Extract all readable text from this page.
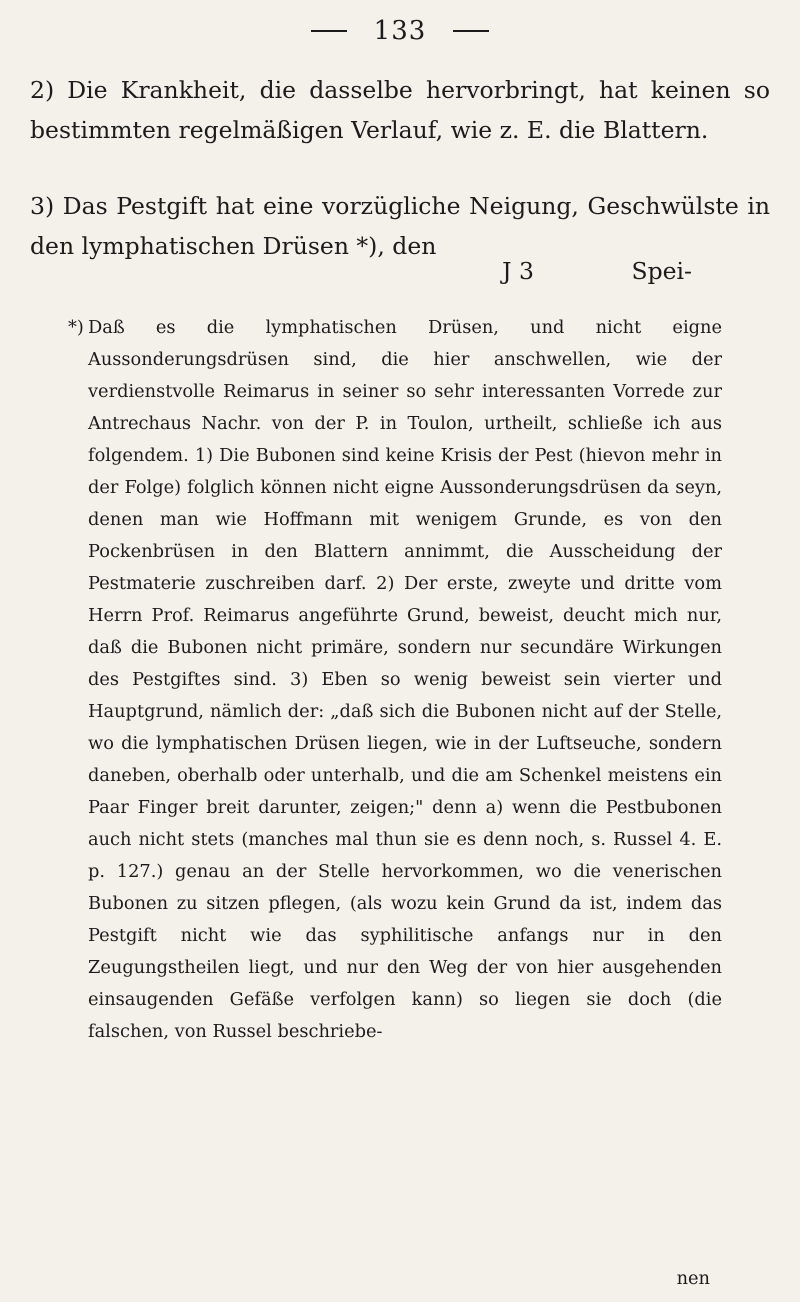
133

2) Die Krankheit, die dasselbe hervorbringt, hat keinen so bestimmten regelmäßigen Verlauf, wie z. E. die Blattern.

3) Das Pestgift hat eine vorzügliche Neigung, Geschwülste in den lymphatischen Drüsen *), den

J 3	Spei-

*) Daß es die lymphatischen Drüsen, und nicht eigne Aussonderungsdrüsen sind, die hier anschwellen, wie der verdienstvolle Reimarus in seiner so sehr interessanten Vorrede zur Antrechaus Nachr. von der P. in Toulon, urtheilt, schließe ich aus folgendem. 1) Die Bubonen sind keine Krisis der Pest (hievon mehr in der Folge) folglich können nicht eigne Aussonderungsdrüsen da seyn, denen man wie Hoffmann mit wenigem Grunde, es von den Pockenbrüsen in den Blattern annimmt, die Ausscheidung der Pestmaterie zuschreiben darf. 2) Der erste, zweyte und dritte vom Herrn Prof. Reimarus angeführte Grund, beweist, deucht mich nur, daß die Bubonen nicht primäre, sondern nur secundäre Wirkungen des Pestgiftes sind. 3) Eben so wenig beweist sein vierter und Hauptgrund, nämlich der: „daß sich die Bubonen nicht auf der Stelle, wo die lymphatischen Drüsen liegen, wie in der Luftseuche, sondern daneben, oberhalb oder unterhalb, und die am Schenkel meistens ein Paar Finger breit darunter, zeigen;" denn a) wenn die Pestbubonen auch nicht stets (manches mal thun sie es denn noch, s. Russel 4. E. p. 127.) genau an der Stelle hervorkommen, wo die venerischen Bubonen zu sitzen pflegen, (als wozu kein Grund da ist, indem das Pestgift nicht wie das syphilitische anfangs nur in den Zeugungstheilen liegt, und nur den Weg der von hier ausgehenden einsaugenden Gefäße verfolgen kann) so liegen sie doch (die falschen, von Russel beschriebe-

nen
